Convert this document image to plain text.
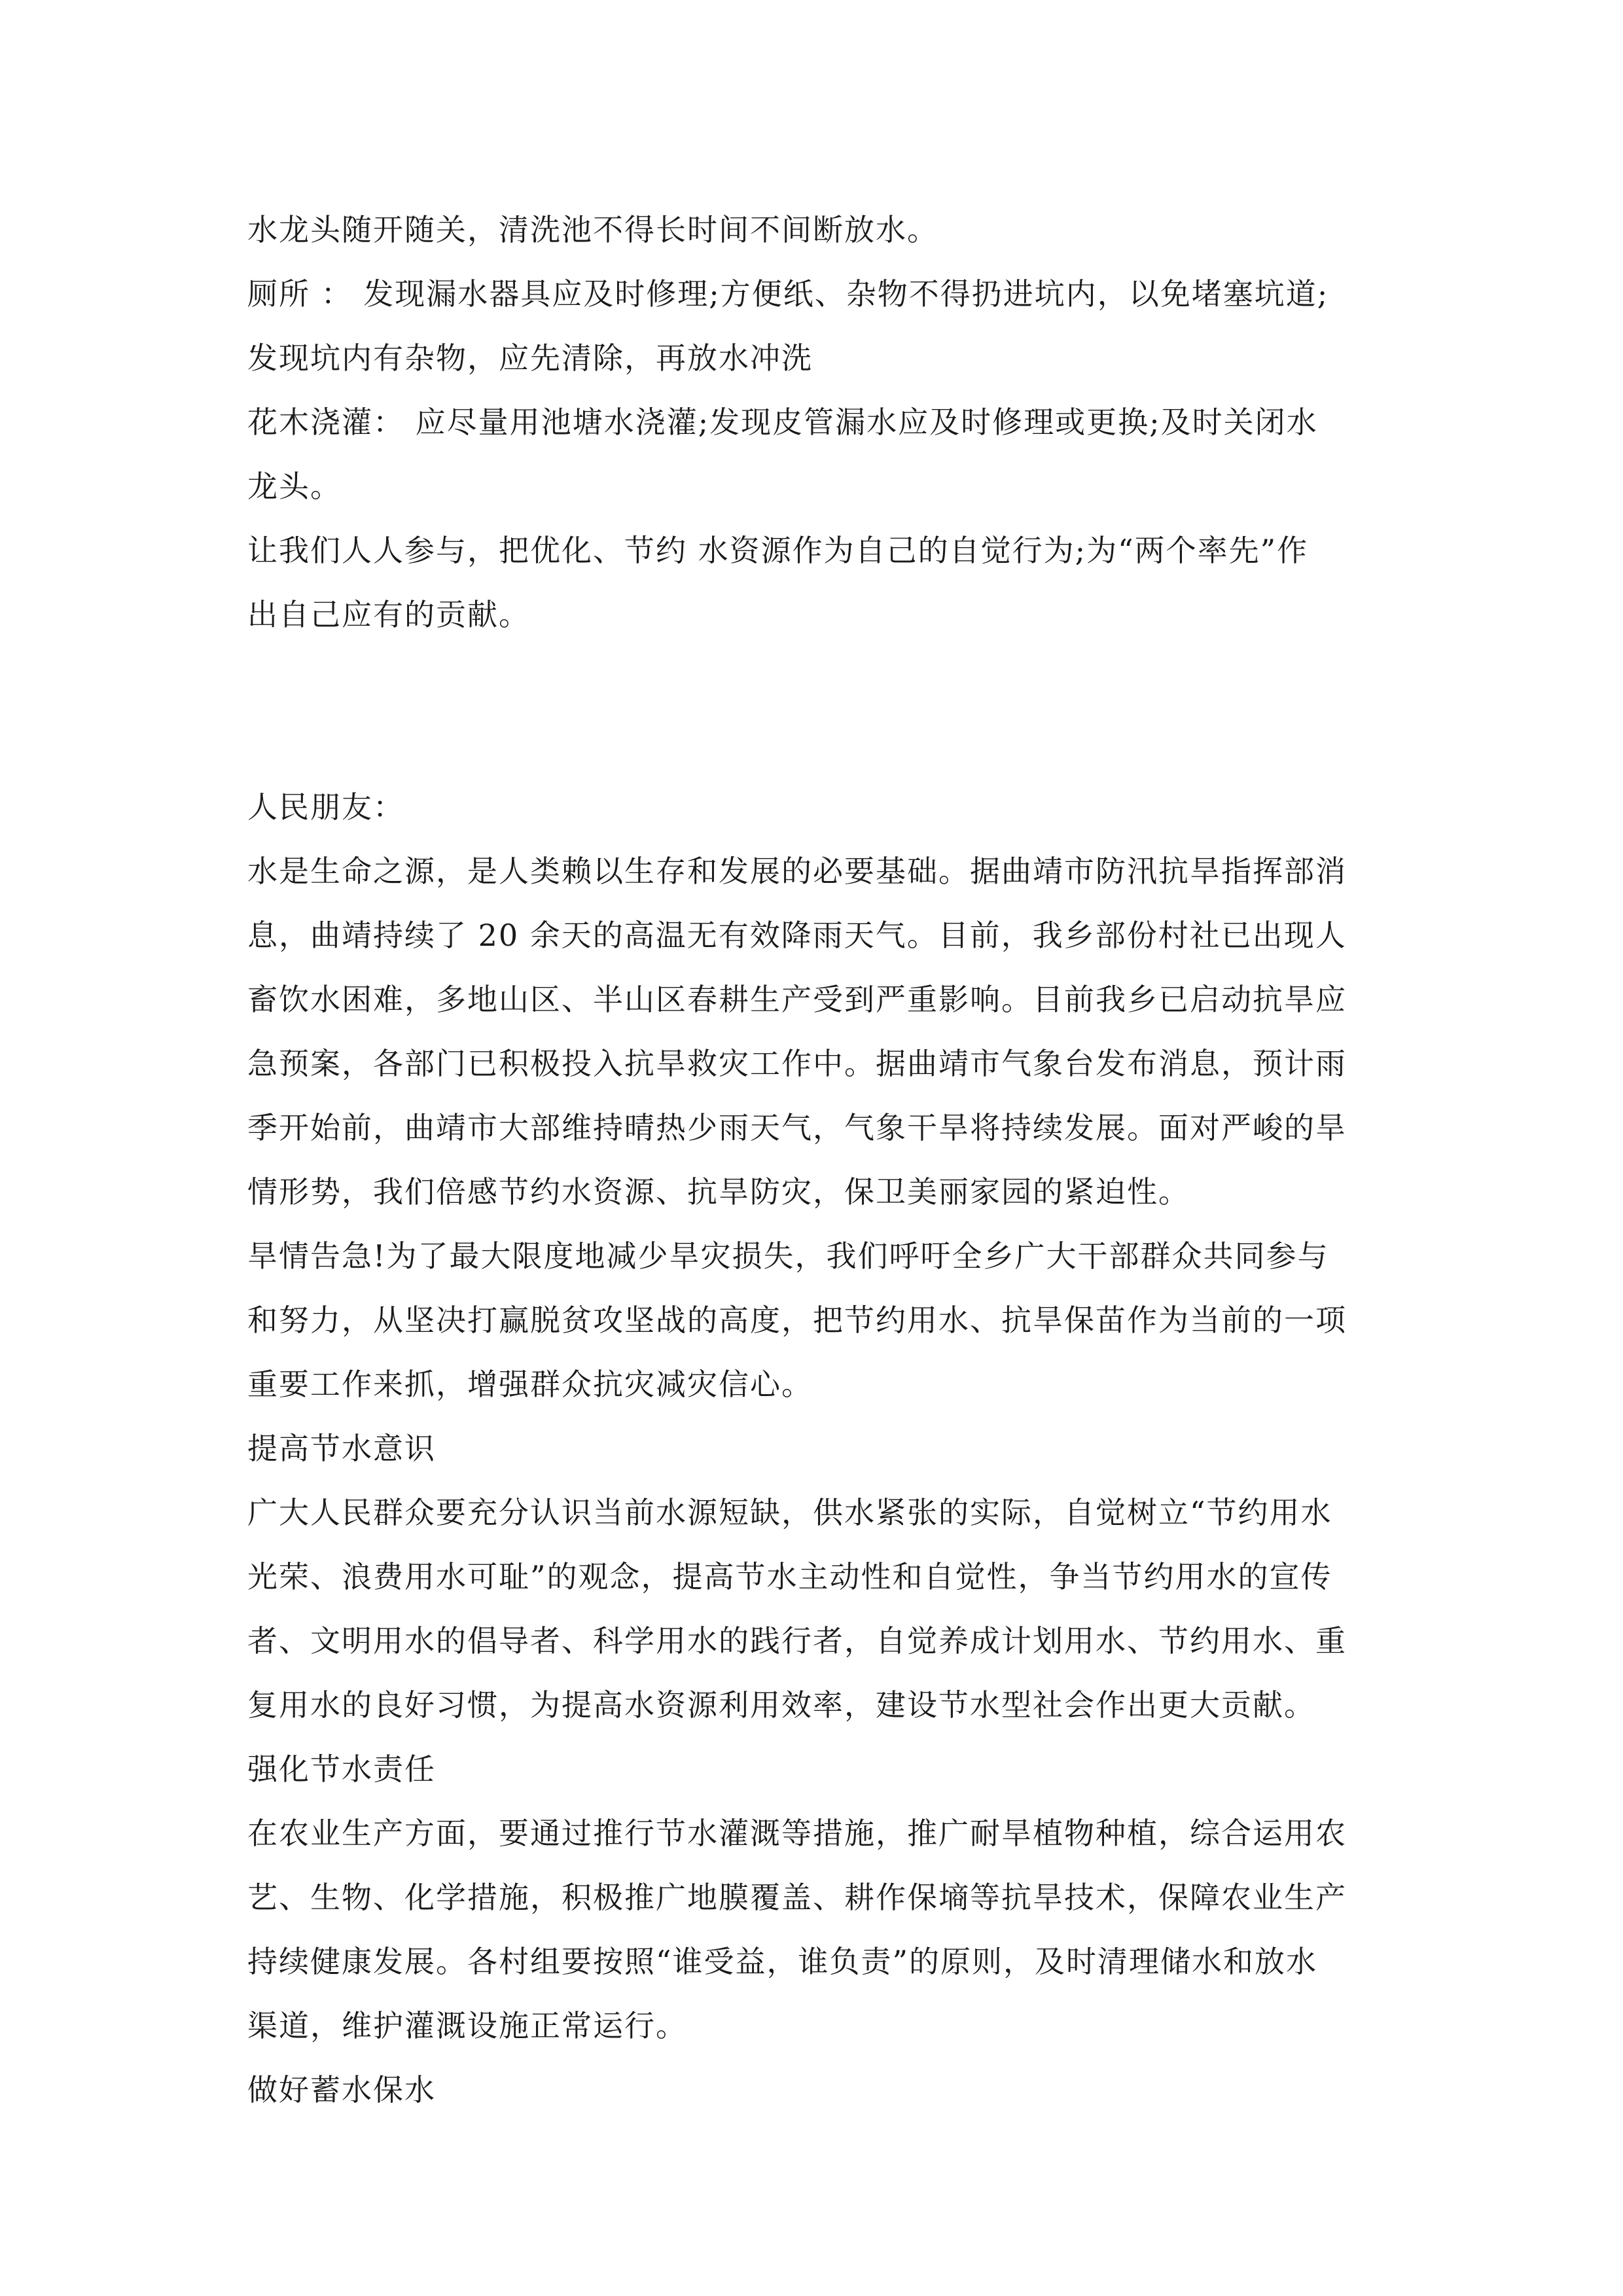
水龙头随开随关，清洗池不得长时间不间断放水。
厕所 ： 发现漏水器具应及时修理;方便纸、杂物不得扔进坑内，以免堵塞坑道;
发现坑内有杂物，应先清除，再放水冲洗
花木浇灌： 应尽量用池塘水浇灌;发现皮管漏水应及时修理或更换;及时关闭水
龙头。
让我们人人参与，把优化、节约 水资源作为自己的自觉行为;为“两个率先”作
出自己应有的贡献。
人民朋友：
水是生命之源，是人类赖以生存和发展的必要基础。据曲靖市防汛抗旱指挥部消
息，曲靖持续了 20 余天的高温无有效降雨天气。目前，我乡部份村社已出现人
畜饮水困难，多地山区、半山区春耕生产受到严重影响。目前我乡已启动抗旱应
急预案，各部门已积极投入抗旱救灾工作中。据曲靖市气象台发布消息，预计雨
季开始前，曲靖市大部维持晴热少雨天气，气象干旱将持续发展。面对严峻的旱
情形势，我们倍感节约水资源、抗旱防灾，保卫美丽家园的紧迫性。
旱情告急!为了最大限度地减少旱灾损失，我们呼吁全乡广大干部群众共同参与
和努力，从坚决打赢脱贫攻坚战的高度，把节约用水、抗旱保苗作为当前的一项
重要工作来抓，增强群众抗灾减灾信心。
提高节水意识
广大人民群众要充分认识当前水源短缺，供水紧张的实际，自觉树立“节约用水
光荣、浪费用水可耻”的观念，提高节水主动性和自觉性，争当节约用水的宣传
者、文明用水的倡导者、科学用水的践行者，自觉养成计划用水、节约用水、重
复用水的良好习惯，为提高水资源利用效率，建设节水型社会作出更大贡献。
强化节水责任
在农业生产方面，要通过推行节水灌溉等措施，推广耐旱植物种植，综合运用农
艺、生物、化学措施，积极推广地膜覆盖、耕作保墒等抗旱技术，保障农业生产
持续健康发展。各村组要按照“谁受益，谁负责”的原则，及时清理储水和放水
渠道，维护灌溉设施正常运行。
做好蓄水保水
